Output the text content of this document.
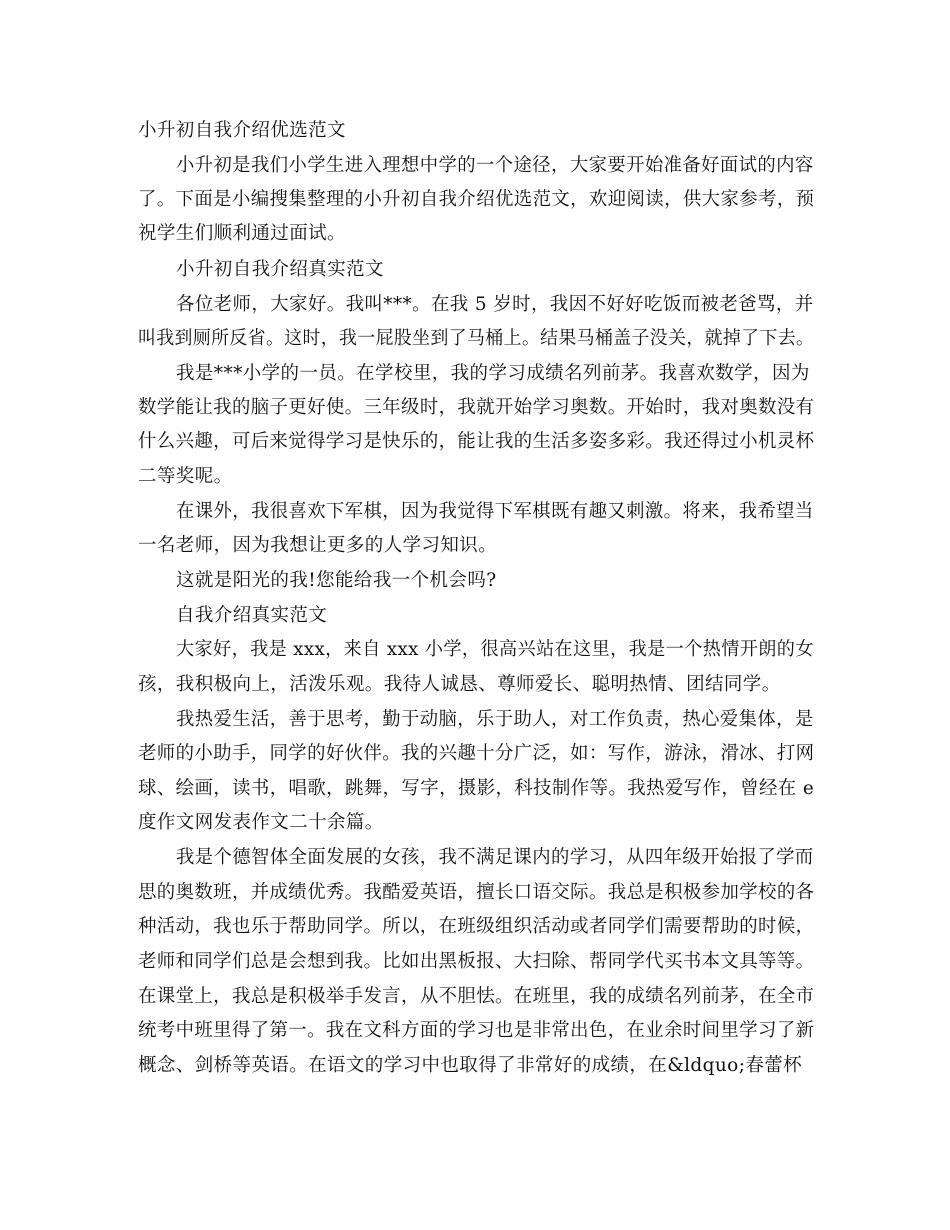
小升初自我介绍优选范文
小升初是我们小学生进入理想中学的一个途径，大家要开始准备好面试的内容
了。下面是小编搜集整理的小升初自我介绍优选范文，欢迎阅读，供大家参考，预
祝学生们顺利通过面试。
小升初自我介绍真实范文
各位老师，大家好。我叫***。在我 5 岁时，我因不好好吃饭而被老爸骂，并
叫我到厕所反省。这时，我一屁股坐到了马桶上。结果马桶盖子没关，就掉了下去。
我是***小学的一员。在学校里，我的学习成绩名列前茅。我喜欢数学，因为
数学能让我的脑子更好使。三年级时，我就开始学习奥数。开始时，我对奥数没有
什么兴趣，可后来觉得学习是快乐的，能让我的生活多姿多彩。我还得过小机灵杯
二等奖呢。
在课外，我很喜欢下军棋，因为我觉得下军棋既有趣又刺激。将来，我希望当
一名老师，因为我想让更多的人学习知识。
这就是阳光的我!您能给我一个机会吗?
自我介绍真实范文
大家好，我是 xxx，来自 xxx 小学，很高兴站在这里，我是一个热情开朗的女
孩，我积极向上，活泼乐观。我待人诚恳、尊师爱长、聪明热情、团结同学。
我热爱生活，善于思考，勤于动脑，乐于助人，对工作负责，热心爱集体，是
老师的小助手，同学的好伙伴。我的兴趣十分广泛，如：写作，游泳，滑冰、打网
球、绘画，读书，唱歌，跳舞，写字，摄影，科技制作等。我热爱写作，曾经在 e
度作文网发表作文二十余篇。
我是个德智体全面发展的女孩，我不满足课内的学习，从四年级开始报了学而
思的奥数班，并成绩优秀。我酷爱英语，擅长口语交际。我总是积极参加学校的各
种活动，我也乐于帮助同学。所以，在班级组织活动或者同学们需要帮助的时候，
老师和同学们总是会想到我。比如出黑板报、大扫除、帮同学代买书本文具等等。
在课堂上，我总是积极举手发言，从不胆怯。在班里，我的成绩名列前茅，在全市
统考中班里得了第一。我在文科方面的学习也是非常出色，在业余时间里学习了新
概念、剑桥等英语。在语文的学习中也取得了非常好的成绩，在&ldquo;春蕾杯
